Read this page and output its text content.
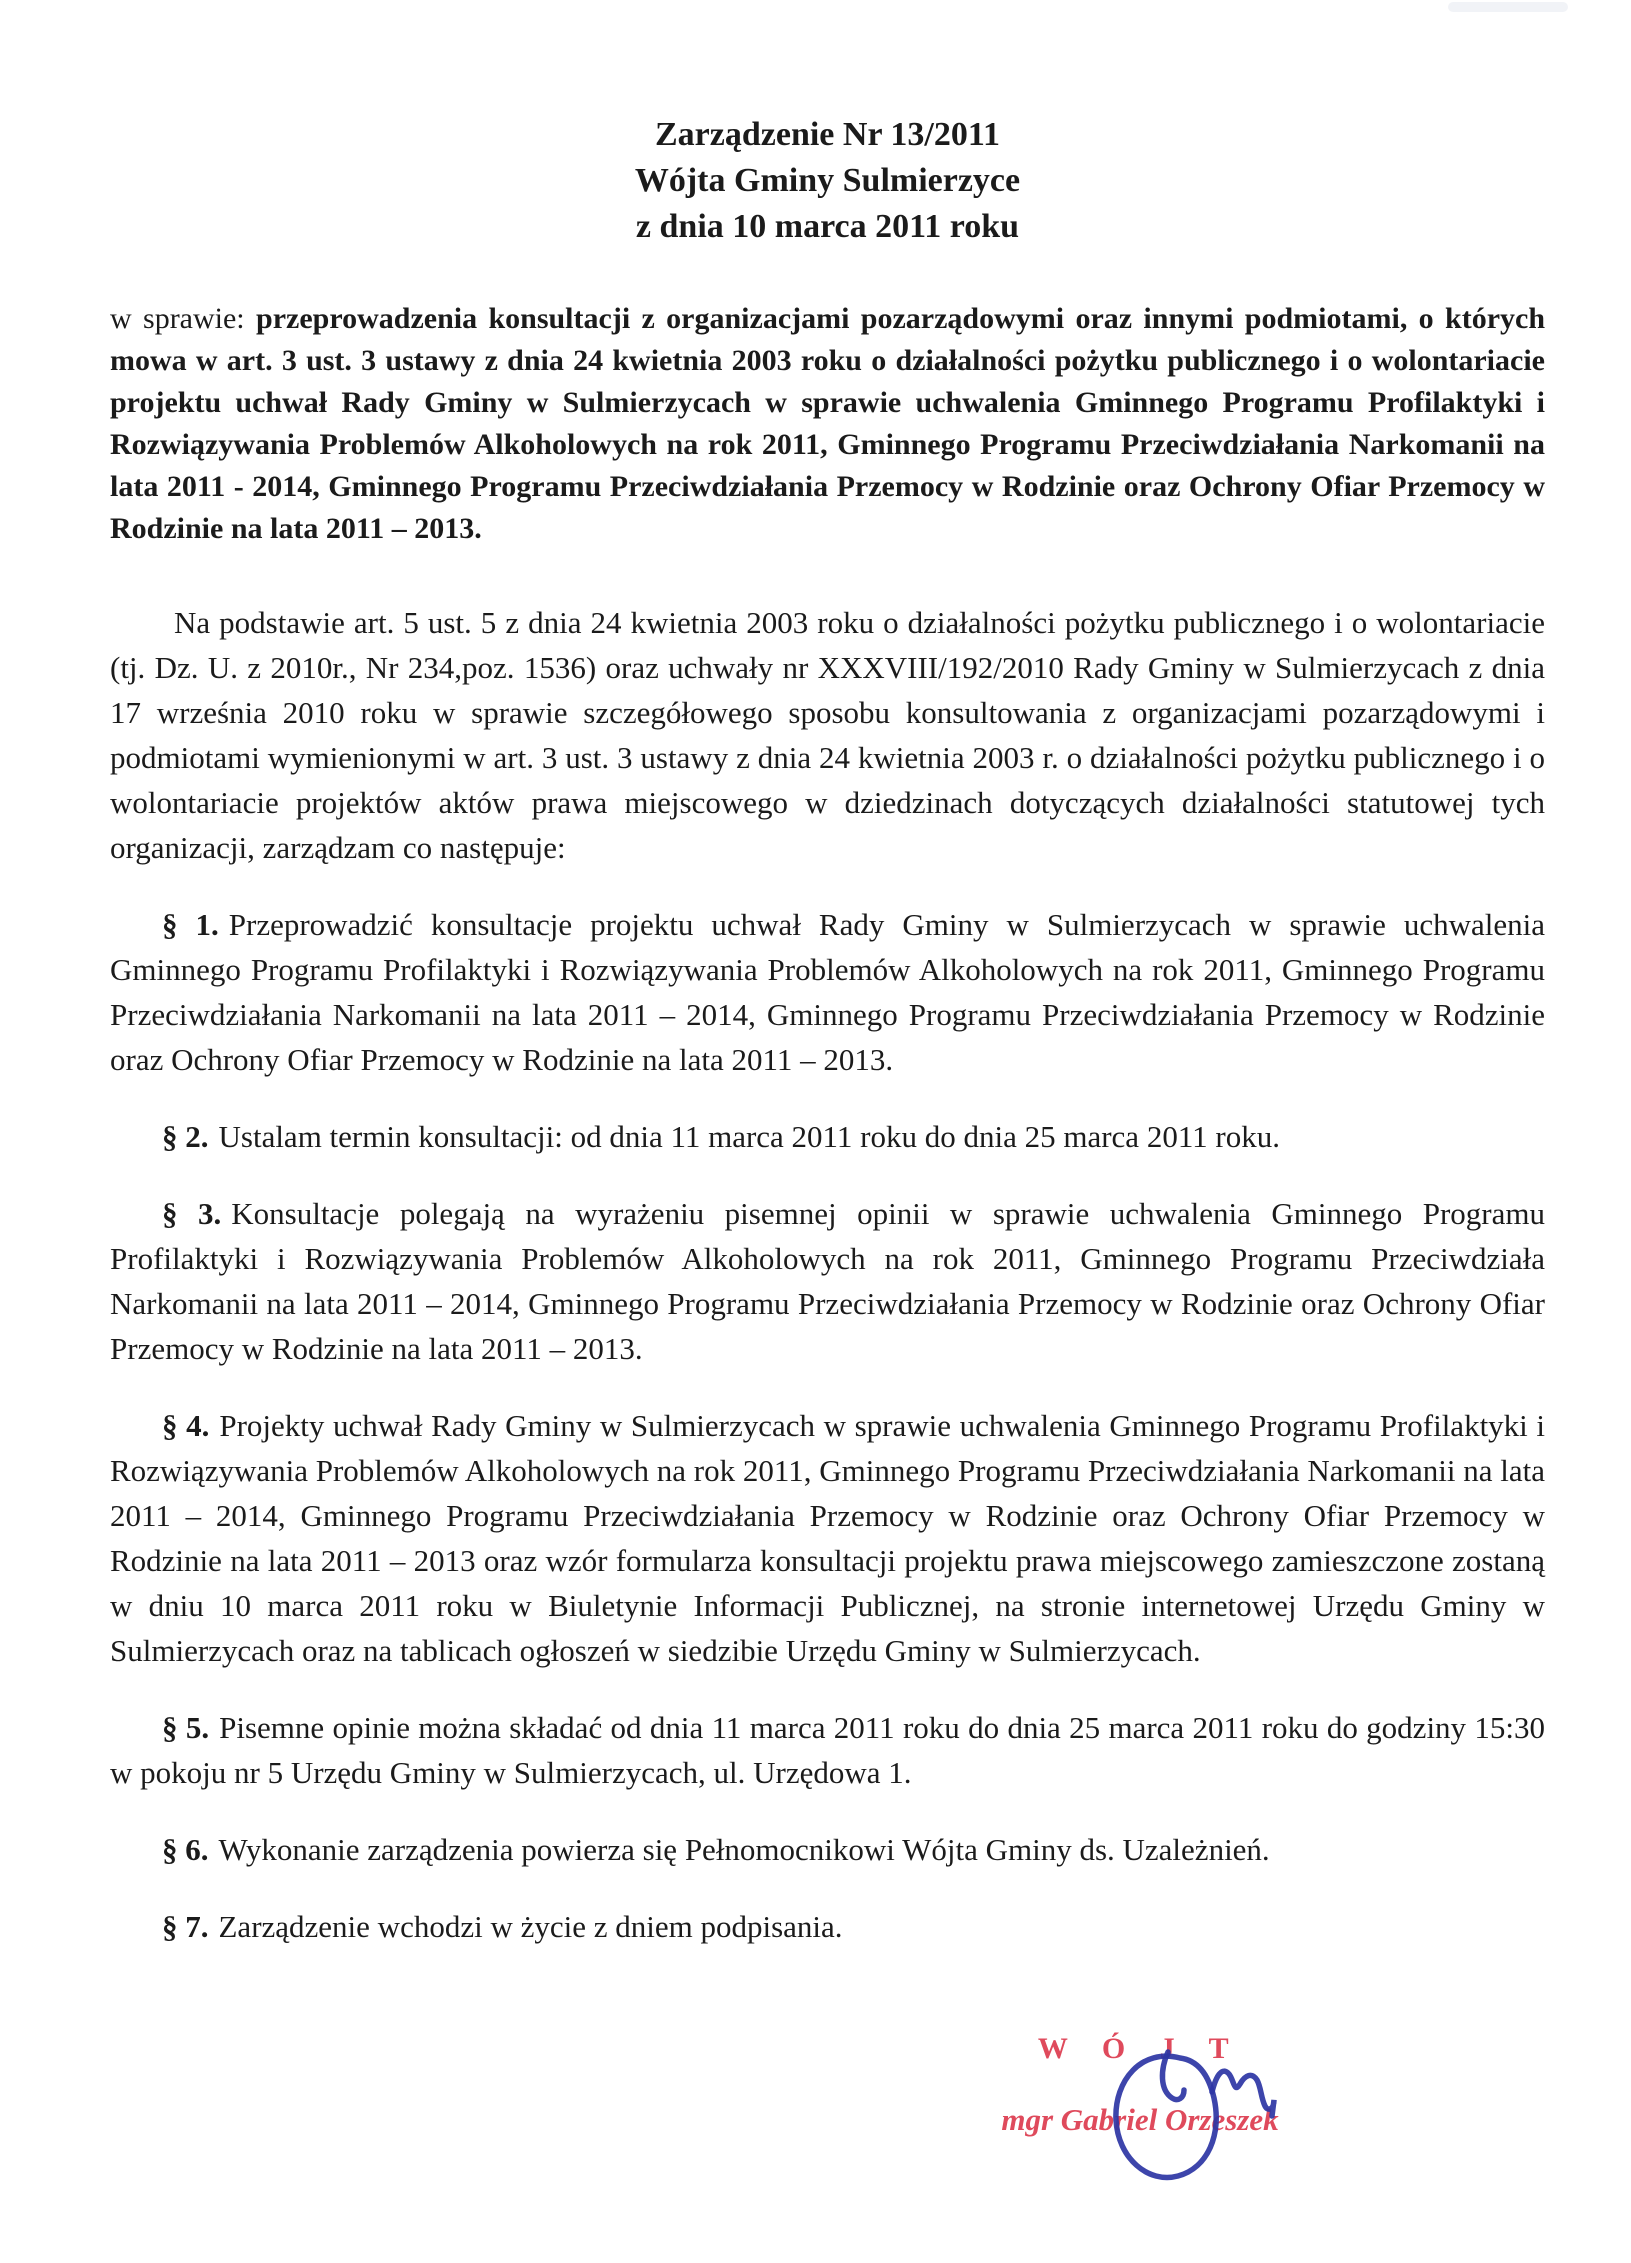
Zarządzenie Nr 13/2011
Wójta Gminy Sulmierzyce
z dnia 10 marca 2011 roku

w sprawie: przeprowadzenia konsultacji z organizacjami pozarządowymi oraz innymi podmiotami, o których mowa w art. 3 ust. 3 ustawy z dnia 24 kwietnia 2003 roku o działalności pożytku publicznego i o wolontariacie projektu uchwał Rady Gminy w Sulmierzycach w sprawie uchwalenia Gminnego Programu Profilaktyki i Rozwiązywania Problemów Alkoholowych na rok 2011, Gminnego Programu Przeciwdziałania Narkomanii na lata 2011 - 2014, Gminnego Programu Przeciwdziałania Przemocy w Rodzinie oraz Ochrony Ofiar Przemocy w Rodzinie na lata 2011 – 2013.

Na podstawie art. 5 ust. 5 z dnia 24 kwietnia 2003 roku o działalności pożytku publicznego i o wolontariacie (tj. Dz. U. z 2010r., Nr 234,poz. 1536) oraz uchwały nr XXXVIII/192/2010 Rady Gminy w Sulmierzycach z dnia 17 września 2010 roku w sprawie szczegółowego sposobu konsultowania z organizacjami pozarządowymi i podmiotami wymienionymi w art. 3 ust. 3 ustawy z dnia 24 kwietnia 2003 r. o działalności pożytku publicznego i o wolontariacie projektów aktów prawa miejscowego w dziedzinach dotyczących działalności statutowej tych organizacji, zarządzam co następuje:

§ 1. Przeprowadzić konsultacje projektu uchwał Rady Gminy w Sulmierzycach w sprawie uchwalenia Gminnego Programu Profilaktyki i Rozwiązywania Problemów Alkoholowych na rok 2011, Gminnego Programu Przeciwdziałania Narkomanii na lata 2011 – 2014, Gminnego Programu Przeciwdziałania Przemocy w Rodzinie oraz Ochrony Ofiar Przemocy w Rodzinie na lata 2011 – 2013.

§ 2. Ustalam termin konsultacji: od dnia 11 marca 2011 roku do dnia 25 marca 2011 roku.

§ 3. Konsultacje polegają na wyrażeniu pisemnej opinii w sprawie uchwalenia Gminnego Programu Profilaktyki i Rozwiązywania Problemów Alkoholowych na rok 2011, Gminnego Programu Przeciwdziała Narkomanii na lata 2011 – 2014, Gminnego Programu Przeciwdziałania Przemocy w Rodzinie oraz Ochrony Ofiar Przemocy w Rodzinie na lata 2011 – 2013.

§ 4. Projekty uchwał Rady Gminy w Sulmierzycach w sprawie uchwalenia Gminnego Programu Profilaktyki i Rozwiązywania Problemów Alkoholowych na rok 2011, Gminnego Programu Przeciwdziałania Narkomanii na lata 2011 – 2014, Gminnego Programu Przeciwdziałania Przemocy w Rodzinie oraz Ochrony Ofiar Przemocy w Rodzinie na lata 2011 – 2013 oraz wzór formularza konsultacji projektu prawa miejscowego zamieszczone zostaną w dniu 10 marca 2011 roku w Biuletynie Informacji Publicznej, na stronie internetowej Urzędu Gminy w Sulmierzycach oraz na tablicach ogłoszeń w siedzibie Urzędu Gminy w Sulmierzycach.

§ 5. Pisemne opinie można składać od dnia 11 marca 2011 roku do dnia 25 marca 2011 roku do godziny 15:30 w pokoju nr 5 Urzędu Gminy w Sulmierzycach, ul. Urzędowa 1.

§ 6. Wykonanie zarządzenia powierza się Pełnomocnikowi Wójta Gminy ds. Uzależnień.

§ 7. Zarządzenie wchodzi w życie z dniem podpisania.

W Ó J T
mgr Gabriel Orzeszek
